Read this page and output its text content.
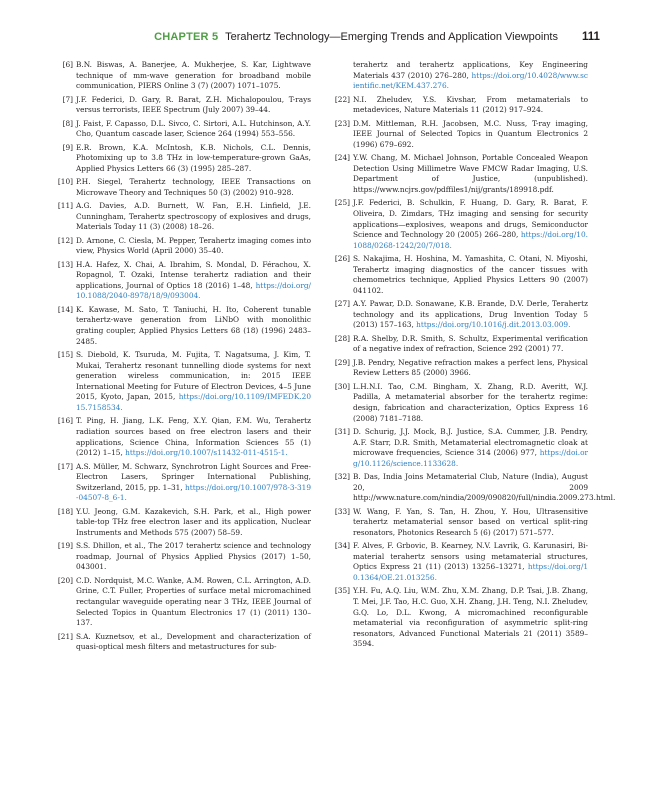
CHAPTER 5 Terahertz Technology—Emerging Trends and Application Viewpoints 111
[6] B.N. Biswas, A. Banerjee, A. Mukherjee, S. Kar, Lightwave technique of mm-wave generation for broadband mobile communication, PIERS Online 3 (7) (2007) 1071–1075.
[7] J.F. Federici, D. Gary, R. Barat, Z.H. Michalopoulou, T-rays versus terrorists, IEEE Spectrum (July 2007) 39–44.
[8] J. Faist, F. Capasso, D.L. Sivco, C. Sirtori, A.L. Hutchinson, A.Y. Cho, Quantum cascade laser, Science 264 (1994) 553–556.
[9] E.R. Brown, K.A. McIntosh, K.B. Nichols, C.L. Dennis, Photomixing up to 3.8 THz in low-temperature-grown GaAs, Applied Physics Letters 66 (3) (1995) 285–287.
[10] P.H. Siegel, Terahertz technology, IEEE Transactions on Microwave Theory and Techniques 50 (3) (2002) 910–928.
[11] A.G. Davies, A.D. Burnett, W. Fan, E.H. Linfield, J.E. Cunningham, Terahertz spectroscopy of explosives and drugs, Materials Today 11 (3) (2008) 18–26.
[12] D. Arnone, C. Ciesla, M. Pepper, Terahertz imaging comes into view, Physics World (April 2000) 35–40.
[13] H.A. Hafez, X. Chai, A. Ibrahim, S. Mondal, D. Férachou, X. Ropagnol, T. Ozaki, Intense terahertz radiation and their applications, Journal of Optics 18 (2016) 1–48, https://doi.org/10.1088/2040-8978/18/9/093004.
[14] K. Kawase, M. Sato, T. Taniuchi, H. Ito, Coherent tunable terahertz-wave generation from LiNbO with monolithic grating coupler, Applied Physics Letters 68 (18) (1996) 2483–2485.
[15] S. Diebold, K. Tsuruda, M. Fujita, T. Nagatsuma, J. Kim, T. Mukai, Terahertz resonant tunnelling diode systems for next generation wireless communication, in: 2015 IEEE International Meeting for Future of Electron Devices, 4–5 June 2015, Kyoto, Japan, 2015, https://doi.org/10.1109/IMFEDK.2015.7158534.
[16] T. Ping, H. Jiang, L.K. Feng, X.Y. Qian, F.M. Wu, Terahertz radiation sources based on free electron lasers and their applications, Science China, Information Sciences 55 (1) (2012) 1–15, https://doi.org/10.1007/s11432-011-4515-1.
[17] A.S. Müller, M. Schwarz, Synchrotron Light Sources and Free-Electron Lasers, Springer International Publishing, Switzerland, 2015, pp. 1–31, https://doi.org/10.1007/978-3-319-04507-8_6-1.
[18] Y.U. Jeong, G.M. Kazakevich, S.H. Park, et al., High power table-top THz free electron laser and its application, Nuclear Instruments and Methods 575 (2007) 58–59.
[19] S.S. Dhillon, et al., The 2017 terahertz science and technology roadmap, Journal of Physics Applied Physics (2017) 1–50, 043001.
[20] C.D. Nordquist, M.C. Wanke, A.M. Rowen, C.L. Arrington, A.D. Grine, C.T. Fuller, Properties of surface metal micromachined rectangular waveguide operating near 3 THz, IEEE Journal of Selected Topics in Quantum Electronics 17 (1) (2011) 130–137.
[21] S.A. Kuznetsov, et al., Development and characterization of quasi-optical mesh filters and metastructures for sub-
terahertz and terahertz applications, Key Engineering Materials 437 (2010) 276–280, https://doi.org/10.4028/www.scientific.net/KEM.437.276.
[22] N.I. Zheludev, Y.S. Kivshar, From metamaterials to metadevices, Nature Materials 11 (2012) 917–924.
[23] D.M. Mittleman, R.H. Jacobsen, M.C. Nuss, T-ray imaging, IEEE Journal of Selected Topics in Quantum Electronics 2 (1996) 679–692.
[24] Y.W. Chang, M. Michael Johnson, Portable Concealed Weapon Detection Using Millimetre Wave FMCW Radar Imaging, U.S. Department of Justice, (unpublished). https://www.ncjrs.gov/pdffiles1/nij/grants/189918.pdf.
[25] J.F. Federici, B. Schulkin, F. Huang, D. Gary, R. Barat, F. Oliveira, D. Zimdars, THz imaging and sensing for security applications—explosives, weapons and drugs, Semiconductor Science and Technology 20 (2005) 266–280, https://doi.org/10.1088/0268-1242/20/7/018.
[26] S. Nakajima, H. Hoshina, M. Yamashita, C. Otani, N. Miyoshi, Terahertz imaging diagnostics of the cancer tissues with chemometrics technique, Applied Physics Letters 90 (2007) 041102.
[27] A.Y. Pawar, D.D. Sonawane, K.B. Erande, D.V. Derle, Terahertz technology and its applications, Drug Invention Today 5 (2013) 157–163, https://doi.org/10.1016/j.dit.2013.03.009.
[28] R.A. Shelby, D.R. Smith, S. Schultz, Experimental verification of a negative index of refraction, Science 292 (2001) 77.
[29] J.B. Pendry, Negative refraction makes a perfect lens, Physical Review Letters 85 (2000) 3966.
[30] L.H.N.I. Tao, C.M. Bingham, X. Zhang, R.D. Averitt, W.J. Padilla, A metamaterial absorber for the terahertz regime: design, fabrication and characterization, Optics Express 16 (2008) 7181–7188.
[31] D. Schurig, J.J. Mock, B.J. Justice, S.A. Cummer, J.B. Pendry, A.F. Starr, D.R. Smith, Metamaterial electromagnetic cloak at microwave frequencies, Science 314 (2006) 977, https://doi.org/10.1126/science.1133628.
[32] B. Das, India Joins Metamaterial Club, Nature (India), August 20, 2009 http://www.nature.com/nindia/2009/090820/full/nindia.2009.273.html.
[33] W. Wang, F. Yan, S. Tan, H. Zhou, Y. Hou, Ultrasensitive terahertz metamaterial sensor based on vertical split-ring resonators, Photonics Research 5 (6) (2017) 571–577.
[34] F. Alves, F. Grbovic, B. Kearney, N.V. Lavrik, G. Karunasiri, Bi-material terahertz sensors using metamaterial structures, Optics Express 21 (11) (2013) 13256–13271, https://doi.org/10.1364/OE.21.013256.
[35] Y.H. Fu, A.Q. Liu, W.M. Zhu, X.M. Zhang, D.P. Tsai, J.B. Zhang, T. Mei, J.F. Tao, H.C. Guo, X.H. Zhang, J.H. Teng, N.I. Zheludev, G.Q. Lo, D.L. Kwong, A micromachined reconfigurable metamaterial via reconfiguration of asymmetric split-ring resonators, Advanced Functional Materials 21 (2011) 3589–3594.
